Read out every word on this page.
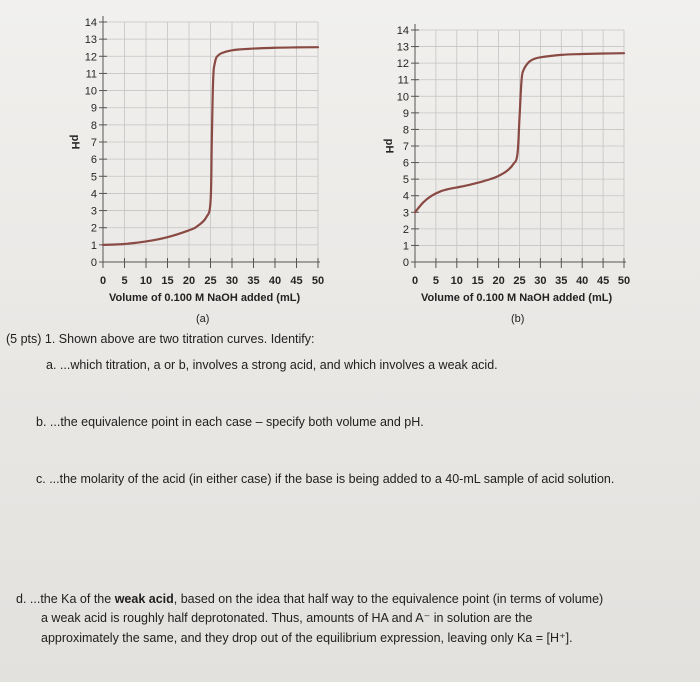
0
1
2
3
4
5
6
7
8
9
10
11
12
13
14
0 5 10 15 20 25 30 35 40 45 50
pH
Volume of 0.100 M NaOH added (mL)
(a)
0
1
2
3
4
5
6
7
8
9
10
11
12
13
14
0 5 10 15 20 25 30 35 40 45 50
pH
Volume of 0.100 M NaOH added (mL)
(b)
(5 pts) 1. Shown above are two titration curves. Identify:
a. ...which titration, a or b, involves a strong acid, and which involves a weak acid.
b. ...the equivalence point in each case – specify both volume and pH.
c. ...the molarity of the acid (in either case) if the base is being added to a 40-mL sample of acid solution.
d. ...the Ka of the weak acid, based on the idea that half way to the equivalence point (in terms of volume)
a weak acid is roughly half deprotonated. Thus, amounts of HA and A⁻ in solution are the
approximately the same, and they drop out of the equilibrium expression, leaving only Ka = [H⁺].
